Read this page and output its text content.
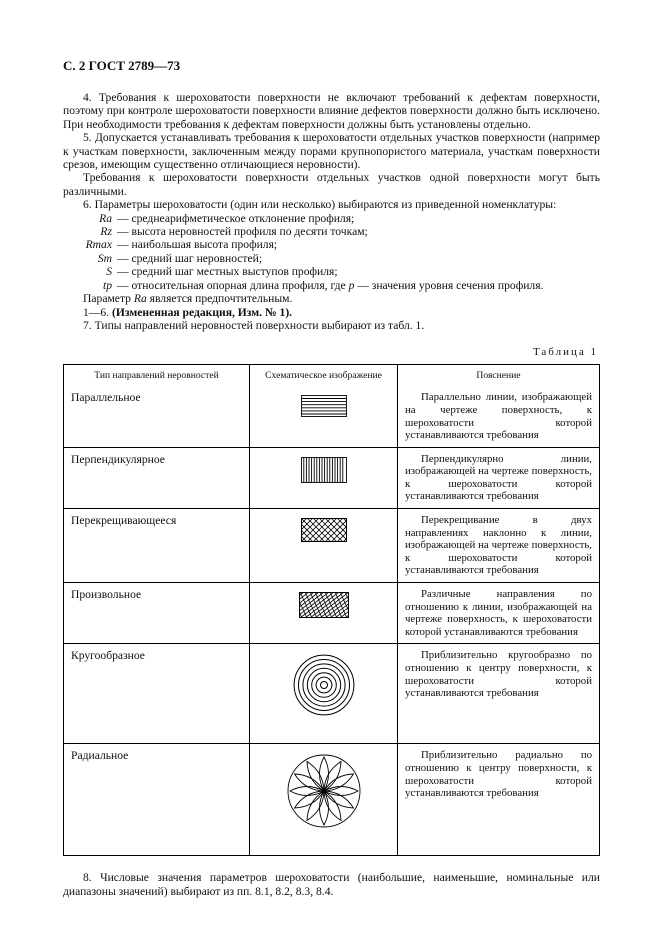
С. 2 ГОСТ 2789—73
4. Требования к шероховатости поверхности не включают требований к дефектам поверхности, поэтому при контроле шероховатости поверхности влияние дефектов поверхности должно быть исключено. При необходимости требования к дефектам поверхности должны быть установлены отдельно.
5. Допускается устанавливать требования к шероховатости отдельных участков поверхности (например к участкам поверхности, заключенным между порами крупнопористого материала, участкам поверхности срезов, имеющим существенно отличающиеся неровности).
Требования к шероховатости поверхности отдельных участков одной поверхности могут быть различными.
6. Параметры шероховатости (один или несколько) выбираются из приведенной номенклатуры:
Ra — среднеарифметическое отклонение профиля;
Rz — высота неровностей профиля по десяти точкам;
Rmax — наибольшая высота профиля;
Sm — средний шаг неровностей;
S — средний шаг местных выступов профиля;
tp — относительная опорная длина профиля, где p — значения уровня сечения профиля.
Параметр Ra является предпочтительным.
1—6. (Измененная редакция, Изм. № 1).
7. Типы направлений неровностей поверхности выбирают из табл. 1.
Таблица 1
Тип направлений неровностей	Схематическое изображение	Пояснение
Параллельное	Параллельно линии, изображающей на чертеже поверхность, к шероховатости которой устанавливаются требования
Перпендикулярное	Перпендикулярно линии, изображающей на чертеже поверхность, к шероховатости которой устанавливаются требования
Перекрещивающееся	Перекрещивание в двух направлениях наклонно к линии, изображающей на чертеже поверхность, к шероховатости которой устанавливаются требования
Произвольное	Различные направления по отношению к линии, изображающей на чертеже поверхность, к шероховатости которой устанавливаются требования
Кругообразное	Приблизительно кругообразно по отношению к центру поверхности, к шероховатости которой устанавливаются требования
Радиальное	Приблизительно радиально по отношению к центру поверхности, к шероховатости которой устанавливаются требования
8. Числовые значения параметров шероховатости (наибольшие, наименьшие, номинальные или диапазоны значений) выбирают из пп. 8.1, 8.2, 8.3, 8.4.
